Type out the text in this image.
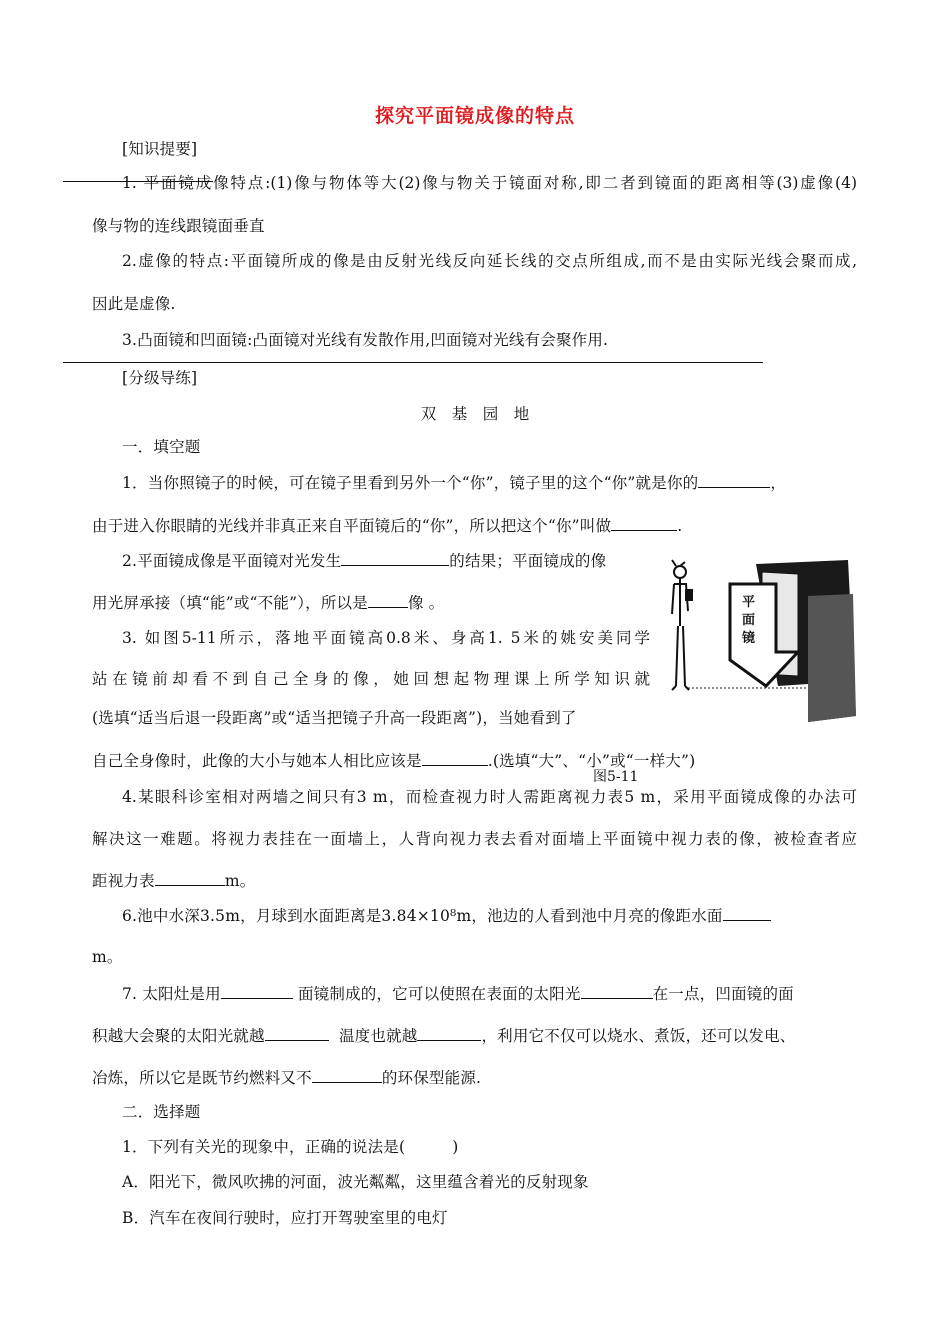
探究平面镜成像的特点
[知识提要]
1. 平面镜成像特点:(1)像与物体等大(2)像与物关于镜面对称,即二者到镜面的距离相等(3)虚像(4)
像与物的连线跟镜面垂直
2.虚像的特点:平面镜所成的像是由反射光线反向延长线的交点所组成,而不是由实际光线会聚而成,
因此是虚像.
3.凸面镜和凹面镜:凸面镜对光线有发散作用,凹面镜对光线有会聚作用.
[分级导练]
双　基　园　地
一．填空题
1．当你照镜子的时候，可在镜子里看到另外一个“你”，镜子里的这个“你”就是你的	，
由于进入你眼睛的光线并非真正来自平面镜后的“你”，所以把这个“你”叫做	.
2.平面镜成像是平面镜对光发生	的结果；平面镜成的像
用光屏承接（填“能”或“不能”），所以是	像 。
3. 如图5-11所示，落地平面镜高0.8米、身高1. 5米的姚安美同学
站在镜前却看不到自己全身的像，她回想起物理课上所学知识就
(选填“适当后退一段距离”或“适当把镜子升高一段距离”)，当她看到了
自己全身像时，此像的大小与她本人相比应该是	.(选填“大”、“小”或“一样大”)
平
面
镜
平面镜
图5-11
4.某眼科诊室相对两墙之间只有3 m，而检查视力时人需距离视力表5 m，采用平面镜成像的办法可
解决这一难题。将视力表挂在一面墙上，人背向视力表去看对面墙上平面镜中视力表的像，被检查者应
距视力表	m。
6.池中水深3.5m，月球到水面距离是3.84×10⁸m，池边的人看到池中月亮的像距水面
m。
7. 太阳灶是用	面镜制成的，它可以使照在表面的太阳光	在一点，凹面镜的面
积越大会聚的太阳光就越	温度也就越	，利用它不仅可以烧水、煮饭，还可以发电、
冶炼，所以它是既节约燃料又不	的环保型能源.
二．选择题
1．下列有关光的现象中，正确的说法是(　　　)
A．阳光下，微风吹拂的河面，波光粼粼，这里蕴含着光的反射现象
B．汽车在夜间行驶时，应打开驾驶室里的电灯
